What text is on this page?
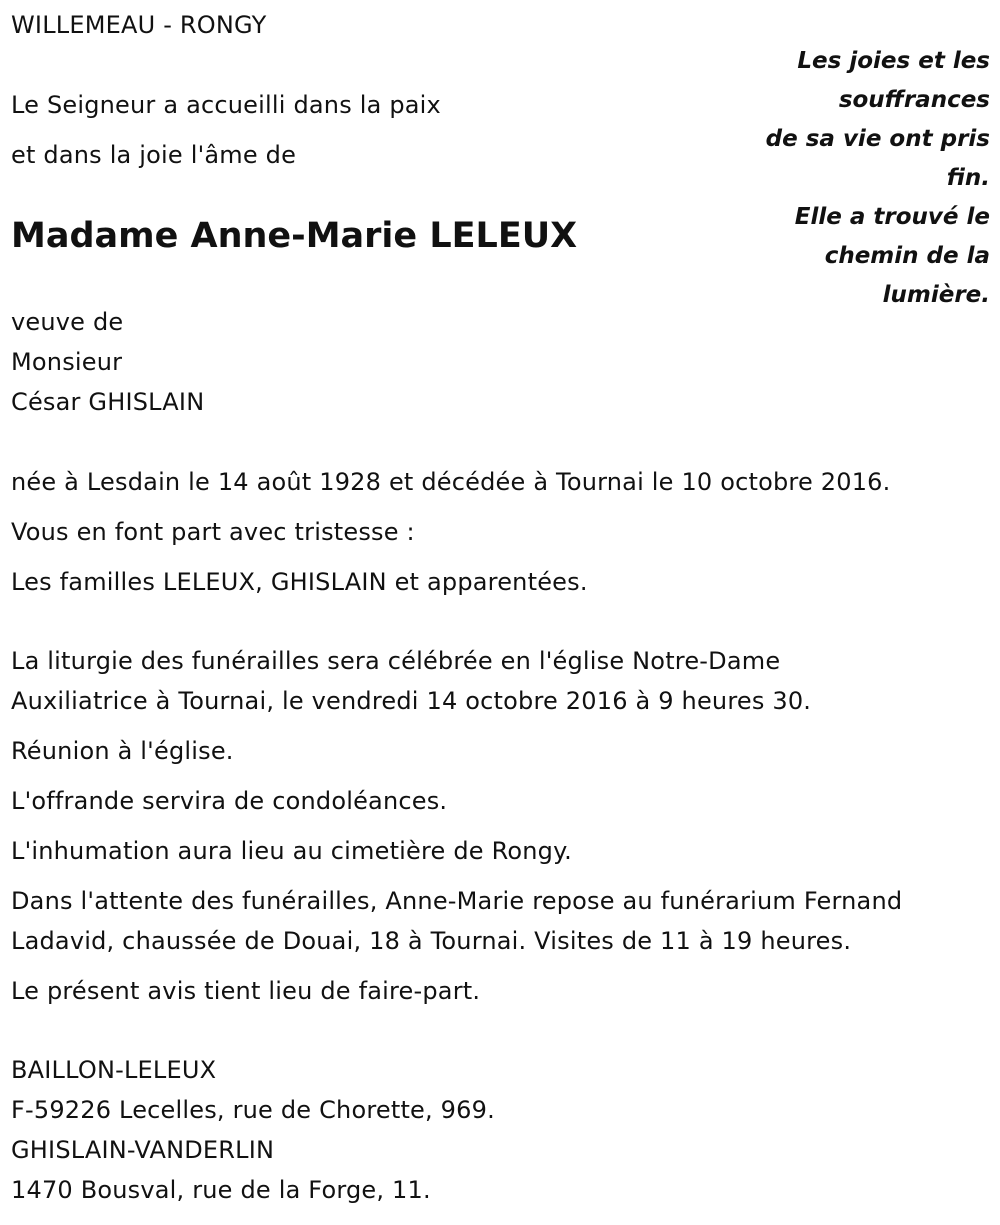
WILLEMEAU - RONGY
Les joies et les
souffrances
de sa vie ont pris
fin.
Elle a trouvé le
chemin de la
lumière.
Le Seigneur a accueilli dans la paix
et dans la joie l'âme de
Madame Anne-Marie LELEUX
veuve de
Monsieur
César GHISLAIN
née à Lesdain le 14 août 1928 et décédée à Tournai le 10 octobre 2016.
Vous en font part avec tristesse :
Les familles LELEUX, GHISLAIN et apparentées.
La liturgie des funérailles sera célébrée en l'église Notre-Dame
Auxiliatrice à Tournai, le vendredi 14 octobre 2016 à 9 heures 30.
Réunion à l'église.
L'offrande servira de condoléances.
L'inhumation aura lieu au cimetière de Rongy.
Dans l'attente des funérailles, Anne-Marie repose au funérarium Fernand
Ladavid, chaussée de Douai, 18 à Tournai. Visites de 11 à 19 heures.
Le présent avis tient lieu de faire-part.
BAILLON-LELEUX
F-59226 Lecelles, rue de Chorette, 969.
GHISLAIN-VANDERLIN
1470 Bousval, rue de la Forge, 11.
